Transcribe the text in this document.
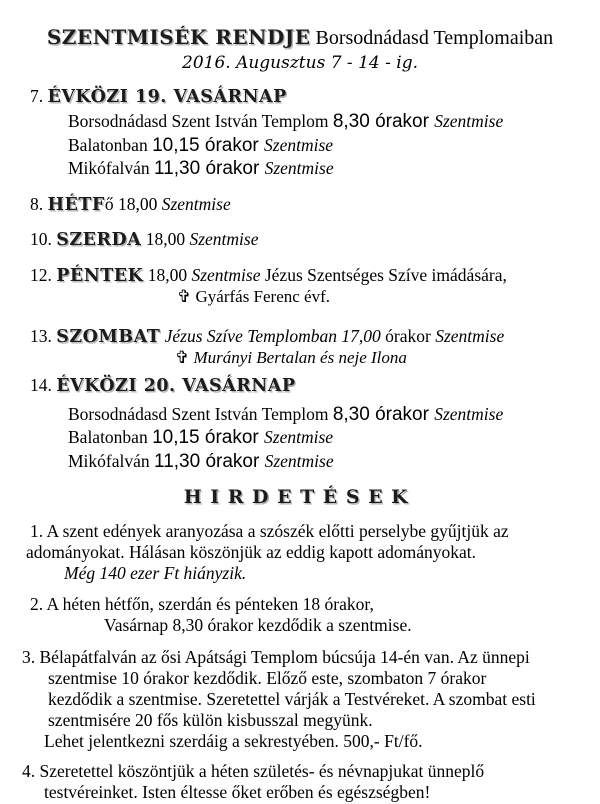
SZENTMISÉK RENDJE Borsodnádasd Templomaiban
2016. Augusztus 7 - 14 - ig.
7. ÉVKÖZI 19. VASÁRNAP
Borsodnádasd Szent István Templom 8,30 órakor Szentmise
Balatonban 10,15 órakor Szentmise
Mikófalván 11,30 órakor Szentmise
8. HÉTFő 18,00 Szentmise
10. SZERDA 18,00 Szentmise
12. PÉNTEK 18,00 Szentmise Jézus Szentséges Szíve imádására,
✞ Gyárfás Ferenc évf.
13. SZOMBAT Jézus Szíve Templomban 17,00 órakor Szentmise
✞ Murányi Bertalan és neje Ilona
14. ÉVKÖZI 20. VASÁRNAP
Borsodnádasd Szent István Templom 8,30 órakor Szentmise
Balatonban 10,15 órakor Szentmise
Mikófalván 11,30 órakor Szentmise
HIRDETÉSEK
1. A szent edények aranyozása a szószék előtti perselybe gyűjtjük az
adományokat. Hálásan köszönjük az eddig kapott adományokat.
Még 140 ezer Ft hiányzik.
2. A héten hétfőn, szerdán és pénteken 18 órakor,
Vasárnap 8,30 órakor kezdődik a szentmise.
3. Bélapátfalván az ősi Apátsági Templom búcsúja 14-én van. Az ünnepi
szentmise 10 órakor kezdődik. Előző este, szombaton 7 órakor
kezdődik a szentmise. Szeretettel várják a Testvéreket. A szombat esti
szentmisére 20 fős külön kisbusszal megyünk.
Lehet jelentkezni szerdáig a sekrestyében. 500,- Ft/fő.
4. Szeretettel köszöntjük a héten születés- és névnapjukat ünneplő
testvéreinket. Isten éltesse őket erőben és egészségben!
